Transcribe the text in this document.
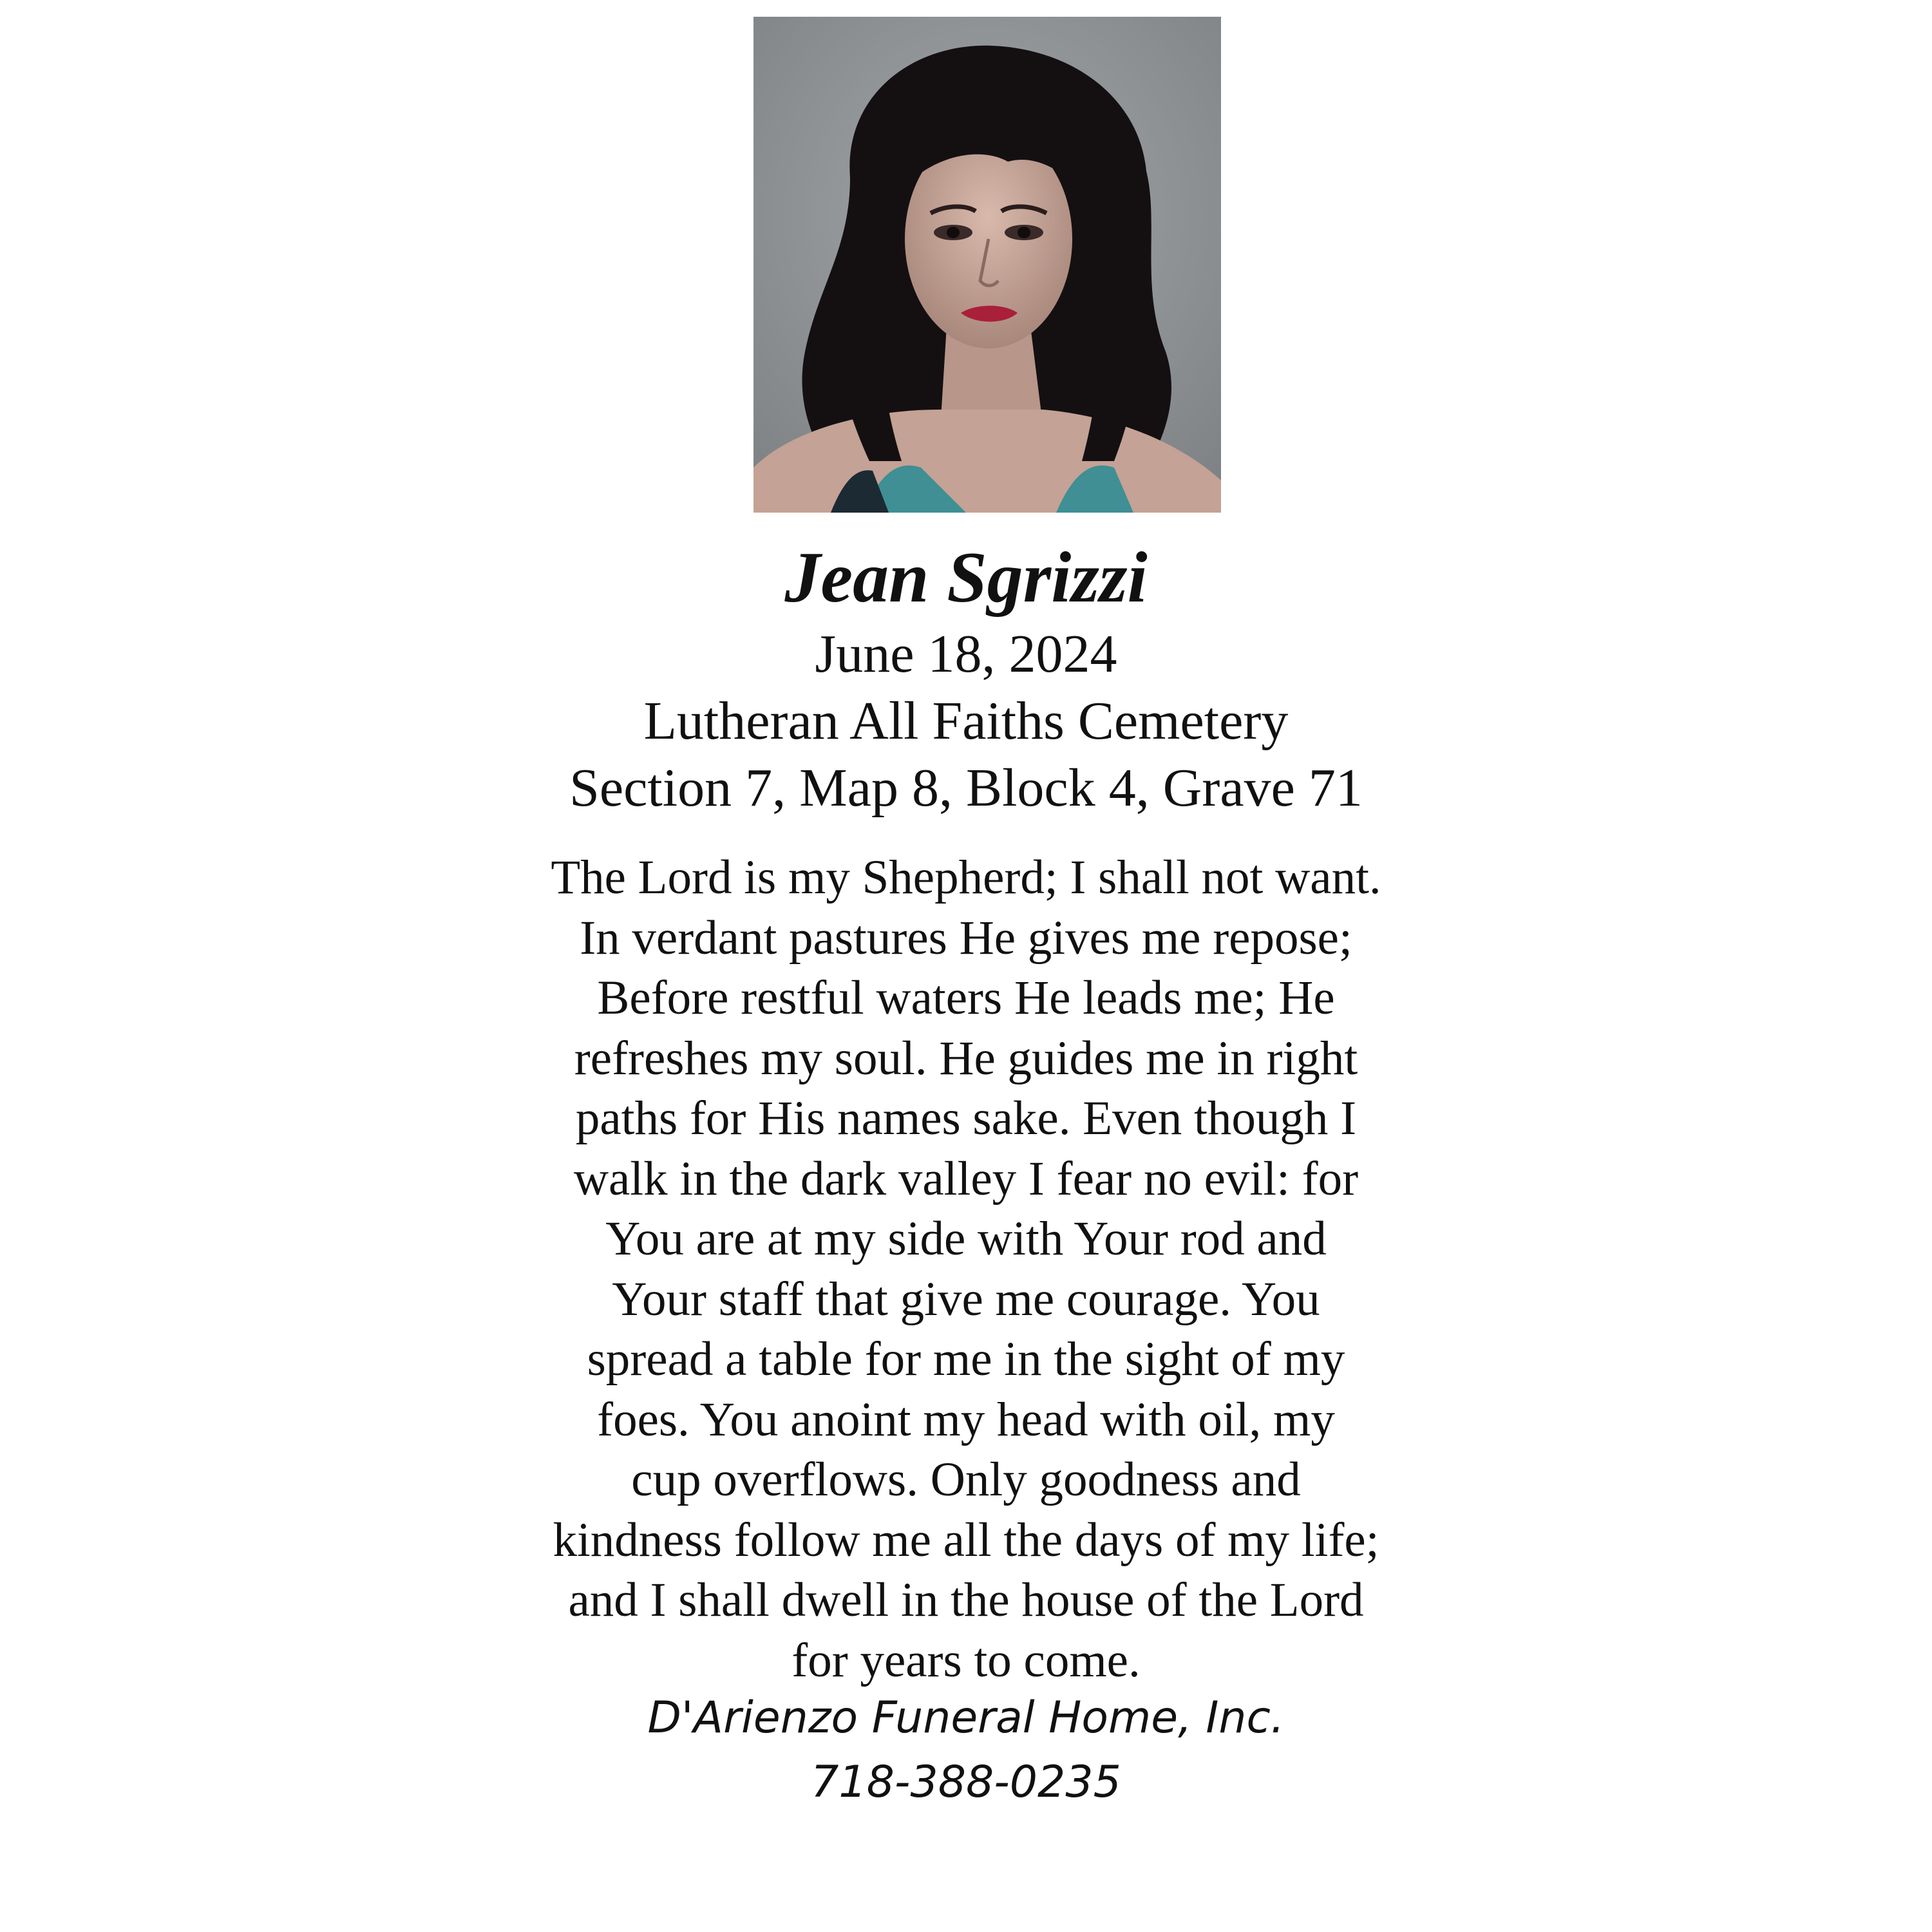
Jean Sgrizzi
June 18, 2024
Lutheran All Faiths Cemetery
Section 7, Map 8, Block 4, Grave 71
The Lord is my Shepherd; I shall not want.
In verdant pastures He gives me repose;
Before restful waters He leads me; He
refreshes my soul. He guides me in right
paths for His names sake. Even though I
walk in the dark valley I fear no evil: for
You are at my side with Your rod and
Your staff that give me courage. You
spread a table for me in the sight of my
foes. You anoint my head with oil, my
cup overflows. Only goodness and
kindness follow me all the days of my life;
and I shall dwell in the house of the Lord
for years to come.
D'Arienzo Funeral Home, Inc.
718-388-0235
